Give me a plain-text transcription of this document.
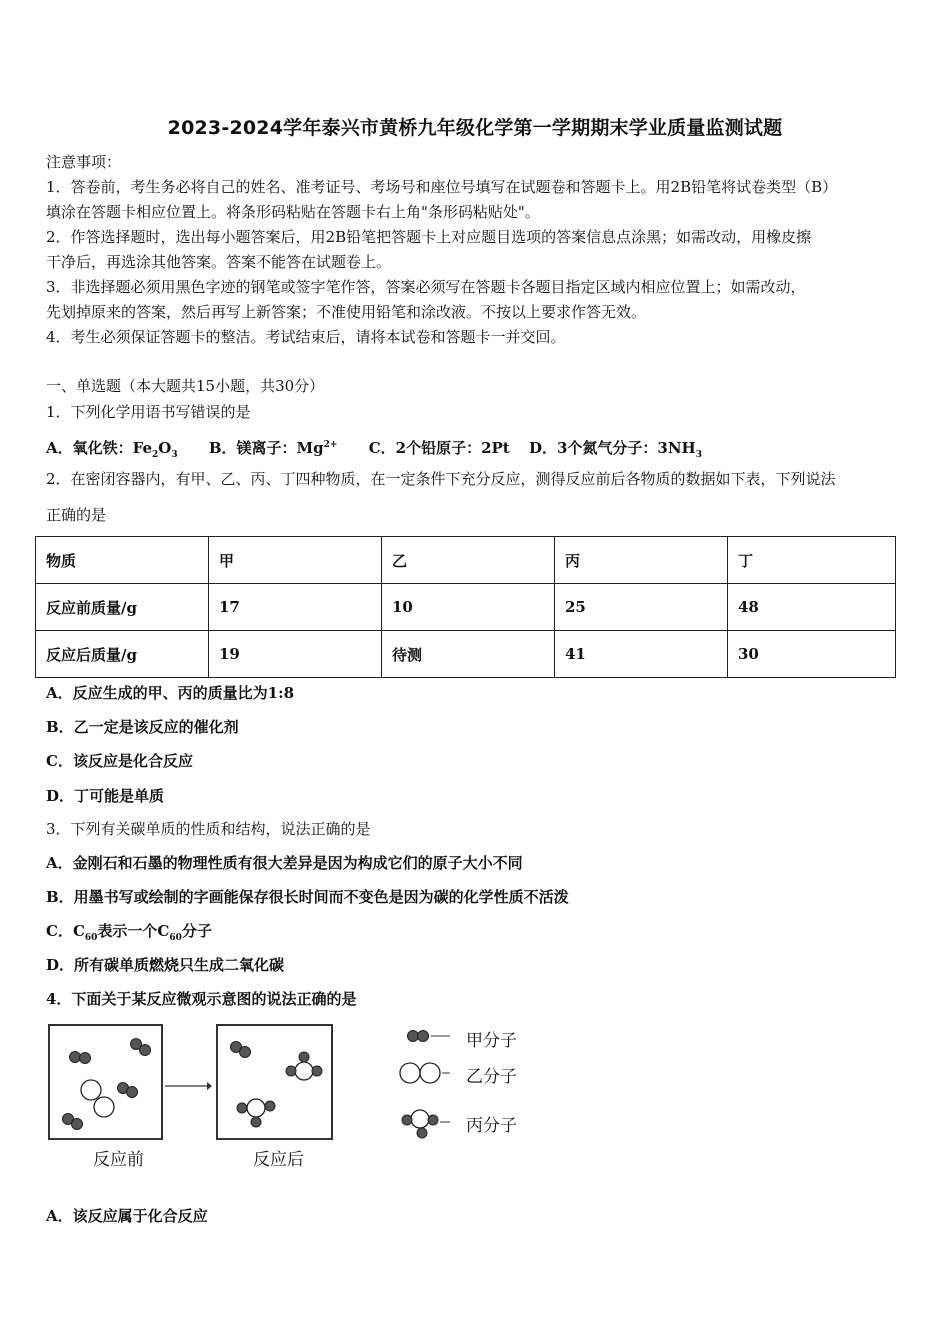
2023-2024学年泰兴市黄桥九年级化学第一学期期末学业质量监测试题
注意事项：
1．答卷前，考生务必将自己的姓名、准考证号、考场号和座位号填写在试题卷和答题卡上。用2B铅笔将试卷类型（B）
填涂在答题卡相应位置上。将条形码粘贴在答题卡右上角"条形码粘贴处"。
2．作答选择题时，选出每小题答案后，用2B铅笔把答题卡上对应题目选项的答案信息点涂黑；如需改动，用橡皮擦
干净后，再选涂其他答案。答案不能答在试题卷上。
3．非选择题必须用黑色字迹的钢笔或签字笔作答，答案必须写在答题卡各题目指定区域内相应位置上；如需改动，
先划掉原来的答案，然后再写上新答案；不准使用铅笔和涂改液。不按以上要求作答无效。
4．考生必须保证答题卡的整洁。考试结束后，请将本试卷和答题卡一并交回。
一、单选题（本大题共15小题，共30分）
1．下列化学用语书写错误的是
A．氧化铁：$Fe_2O_3$ B．镁离子：$Mg^{2+}$ C．2个铅原子：2Pt D．3个氮气分子：$3NH_3$
2．在密闭容器内，有甲、乙、丙、丁四种物质，在一定条件下充分反应，测得反应前后各物质的数据如下表，下列说法
正确的是
物质	甲	乙	丙	丁
反应前质量/g	17	10	25	48
反应后质量/g	19	待测	41	30
A．反应生成的甲、丙的质量比为1:8
B．乙一定是该反应的催化剂
C．该反应是化合反应
D．丁可能是单质
3．下列有关碳单质的性质和结构，说法正确的是
A．金刚石和石墨的物理性质有很大差异是因为构成它们的原子大小不同
B．用墨书写或绘制的字画能保存很长时间而不变色是因为碳的化学性质不活泼
C．$C_{60}$表示一个$C_{60}$分子
D．所有碳单质燃烧只生成二氧化碳
4．下面关于某反应微观示意图的说法正确的是
反应前	反应后
甲分子
乙分子
丙分子
A．该反应属于化合反应
